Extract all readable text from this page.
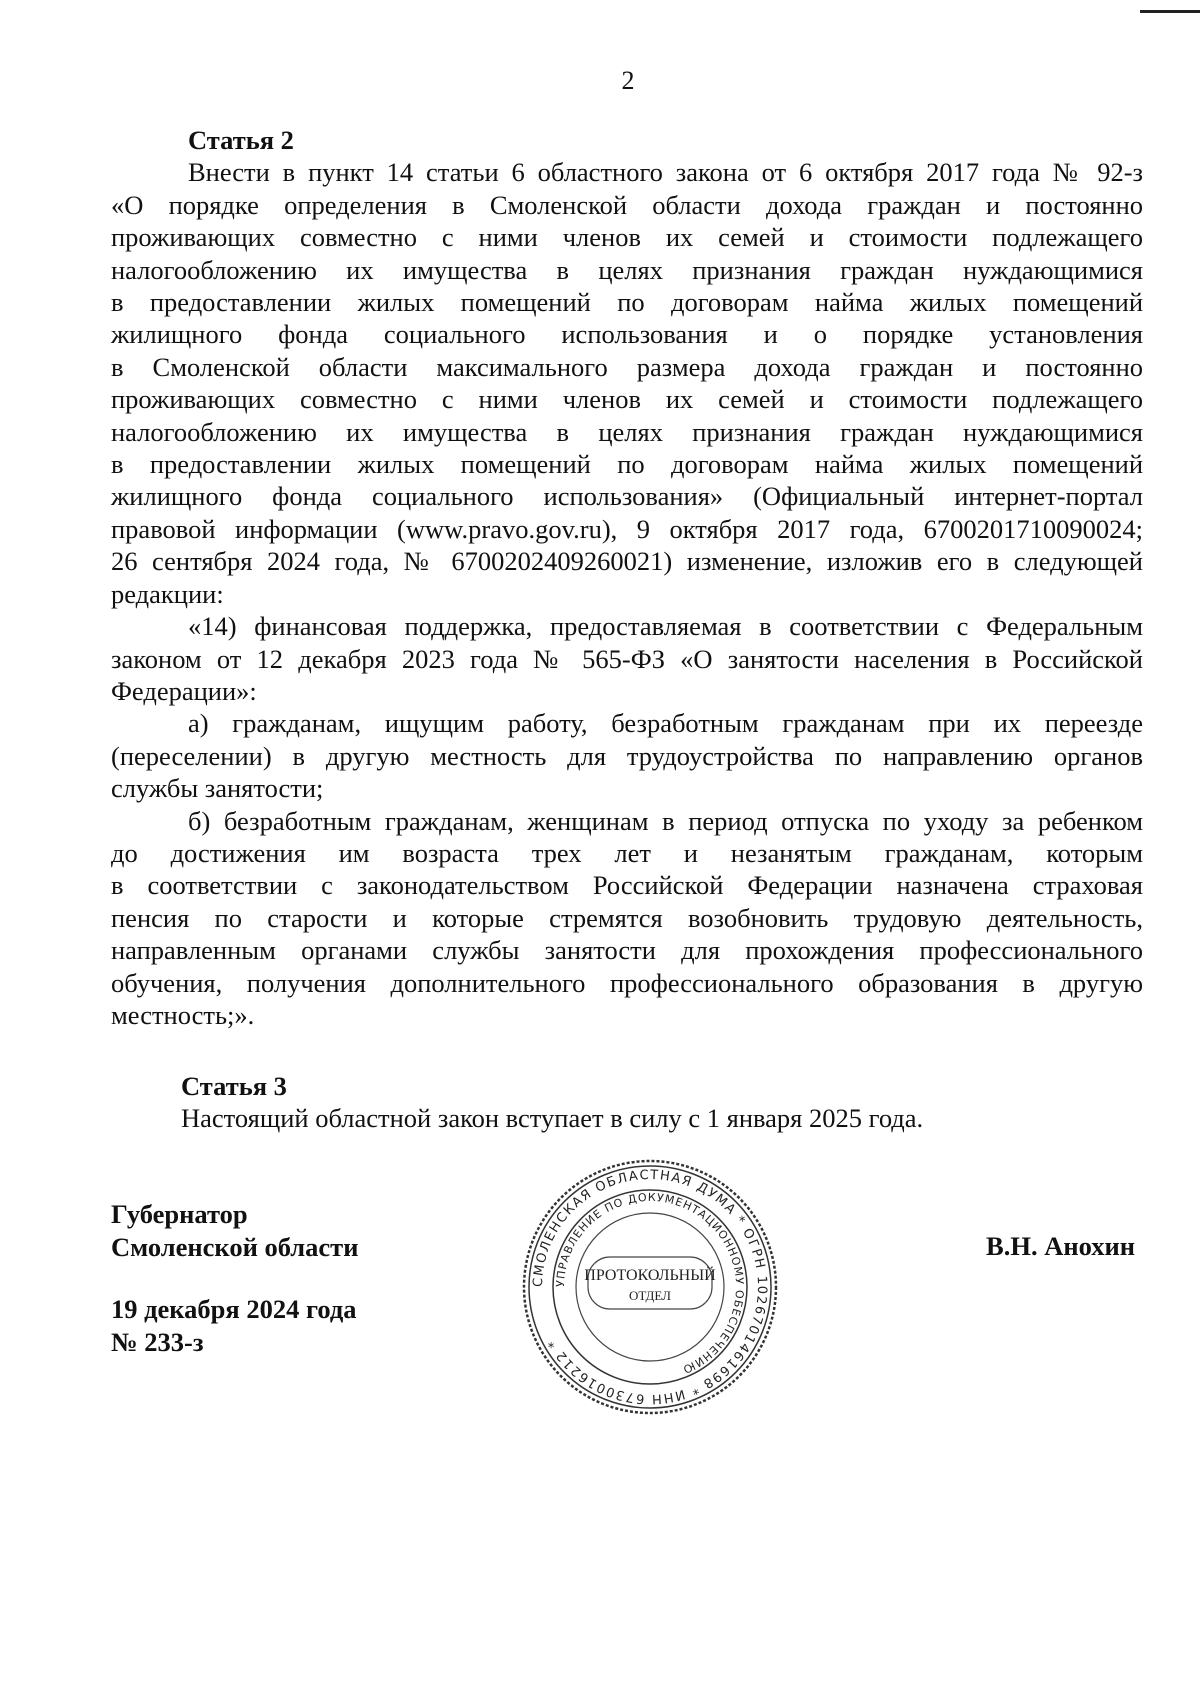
2
Статья 2
Внести в пункт 14 статьи 6 областного закона от 6 октября 2017 года № 92-з
«О порядке определения в Смоленской области дохода граждан и постоянно
проживающих совместно с ними членов их семей и стоимости подлежащего
налогообложению их имущества в целях признания граждан нуждающимися
в предоставлении жилых помещений по договорам найма жилых помещений
жилищного фонда социального использования и о порядке установления
в Смоленской области максимального размера дохода граждан и постоянно
проживающих совместно с ними членов их семей и стоимости подлежащего
налогообложению их имущества в целях признания граждан нуждающимися
в предоставлении жилых помещений по договорам найма жилых помещений
жилищного фонда социального использования» (Официальный интернет-портал
правовой информации (www.pravo.gov.ru), 9 октября 2017 года, 6700201710090024;
26 сентября 2024 года, № 6700202409260021) изменение, изложив его в следующей
редакции:
«14) финансовая поддержка, предоставляемая в соответствии с Федеральным
законом от 12 декабря 2023 года № 565-ФЗ «О занятости населения в Российской
Федерации»:
а) гражданам, ищущим работу, безработным гражданам при их переезде
(переселении) в другую местность для трудоустройства по направлению органов
службы занятости;
б) безработным гражданам, женщинам в период отпуска по уходу за ребенком
до достижения им возраста трех лет и незанятым гражданам, которым
в соответствии с законодательством Российской Федерации назначена страховая
пенсия по старости и которые стремятся возобновить трудовую деятельность,
направленным органами службы занятости для прохождения профессионального
обучения, получения дополнительного профессионального образования в другую
местность;».
Статья 3
Настоящий областной закон вступает в силу с 1 января 2025 года.
Губернатор
Смоленской области
19 декабря 2024 года
№ 233-з
В.Н. Анохин
СМОЛЕНСКАЯ ОБЛАСТНАЯ ДУМА * ОГРН 1026701461698 * ИНН 6730016212 *
УПРАВЛЕНИЕ ПО ДОКУМЕНТАЦИОННОМУ ОБЕСПЕЧЕНИЮ
ПРОТОКОЛЬНЫЙ
ОТДЕЛ
